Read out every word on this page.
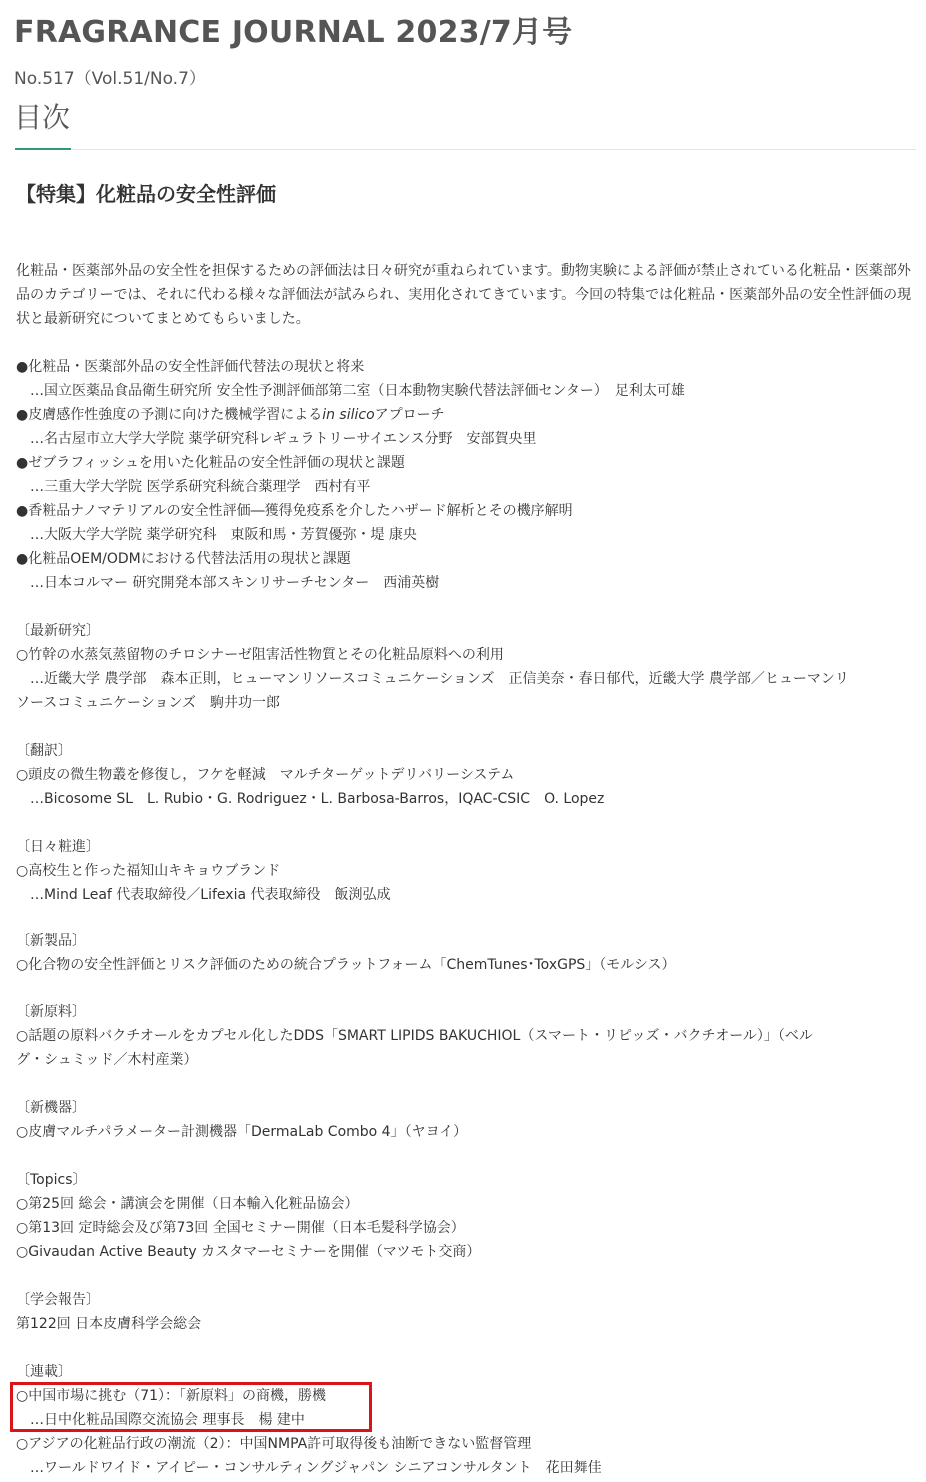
FRAGRANCE JOURNAL 2023/7月号
No.517（Vol.51/No.7）
目次
【特集】化粧品の安全性評価
化粧品・医薬部外品の安全性を担保するための評価法は日々研究が重ねられています。動物実験による評価が禁止されている化粧品・医薬部外品のカテゴリーでは、それに代わる様々な評価法が試みられ、実用化されてきています。今回の特集では化粧品・医薬部外品の安全性評価の現状と最新研究についてまとめてもらいました。
●化粧品・医薬部外品の安全性評価代替法の現状と将来
…国立医薬品食品衛生研究所 安全性予測評価部第二室（日本動物実験代替法評価センター）　足利太可雄
●皮膚感作性強度の予測に向けた機械学習によるin silicoアプローチ
…名古屋市立大学大学院 薬学研究科レギュラトリーサイエンス分野　安部賀央里
●ゼブラフィッシュを用いた化粧品の安全性評価の現状と課題
…三重大学大学院 医学系研究科統合薬理学　西村有平
●香粧品ナノマテリアルの安全性評価―獲得免疫系を介したハザード解析とその機序解明
…大阪大学大学院 薬学研究科　東阪和馬・芳賀優弥・堤 康央
●化粧品OEM/ODMにおける代替法活用の現状と課題
…日本コルマー 研究開発本部スキンリサーチセンター　西浦英樹
〔最新研究〕
○竹幹の水蒸気蒸留物のチロシナーゼ阻害活性物質とその化粧品原料への利用
…近畿大学 農学部　森本正則，ヒューマンリソースコミュニケーションズ　正信美奈・春日郁代，近畿大学 農学部／ヒューマンリ
ソースコミュニケーションズ　駒井功一郎
〔翻訳〕
○頭皮の微生物叢を修復し，フケを軽減　マルチターゲットデリバリーシステム
…Bicosome SL　L. Rubio・G. Rodriguez・L. Barbosa-Barros，IQAC-CSIC　O. Lopez
〔日々粧進〕
○高校生と作った福知山キキョウブランド
…Mind Leaf 代表取締役／Lifexia 代表取締役　飯渕弘成
〔新製品〕
○化合物の安全性評価とリスク評価のための統合プラットフォーム「ChemTunes･ToxGPS」（モルシス）
〔新原料〕
○話題の原料バクチオールをカプセル化したDDS「SMART LIPIDS BAKUCHIOL（スマート・リピッズ・バクチオール）」（ベル
グ・シュミッド／木村産業）
〔新機器〕
○皮膚マルチパラメーター計測機器「DermaLab Combo 4」（ヤヨイ）
〔Topics〕
○第25回 総会・講演会を開催（日本輸入化粧品協会）
○第13回 定時総会及び第73回 全国セミナー開催（日本毛髪科学協会）
○Givaudan Active Beauty カスタマーセミナーを開催（マツモト交商）
〔学会報告〕
第122回 日本皮膚科学会総会
〔連載〕
○中国市場に挑む（71）：「新原料」の商機，勝機
…日中化粧品国際交流協会 理事長　楊 建中
○アジアの化粧品行政の潮流（2）：中国NMPA許可取得後も油断できない監督管理
…ワールドワイド・アイピー・コンサルティングジャパン シニアコンサルタント　花田舞佳
